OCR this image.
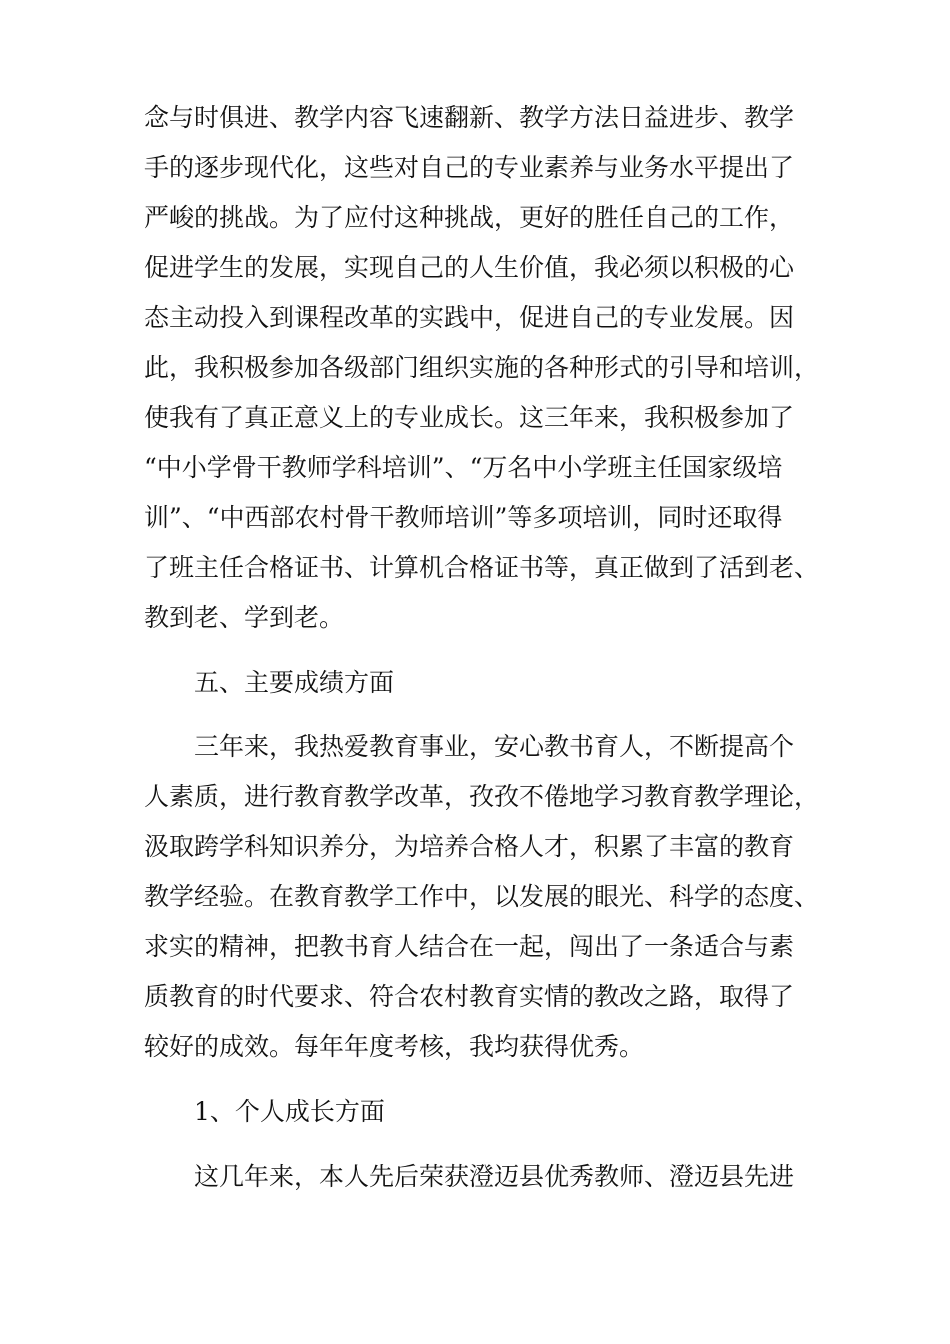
念与时俱进、教学内容飞速翻新、教学方法日益进步、教学
手的逐步现代化，这些对自己的专业素养与业务水平提出了
严峻的挑战。为了应付这种挑战，更好的胜任自己的工作，
促进学生的发展，实现自己的人生价值，我必须以积极的心
态主动投入到课程改革的实践中，促进自己的专业发展。因
此，我积极参加各级部门组织实施的各种形式的引导和培训，
使我有了真正意义上的专业成长。这三年来，我积极参加了
“中小学骨干教师学科培训”、“万名中小学班主任国家级培
训”、“中西部农村骨干教师培训”等多项培训，同时还取得
了班主任合格证书、计算机合格证书等，真正做到了活到老、
教到老、学到老。
五、主要成绩方面
三年来，我热爱教育事业，安心教书育人，不断提高个
人素质，进行教育教学改革，孜孜不倦地学习教育教学理论，
汲取跨学科知识养分，为培养合格人才，积累了丰富的教育
教学经验。在教育教学工作中，以发展的眼光、科学的态度、
求实的精神，把教书育人结合在一起，闯出了一条适合与素
质教育的时代要求、符合农村教育实情的教改之路，取得了
较好的成效。每年年度考核，我均获得优秀。
1、个人成长方面
这几年来，本人先后荣获澄迈县优秀教师、澄迈县先进
